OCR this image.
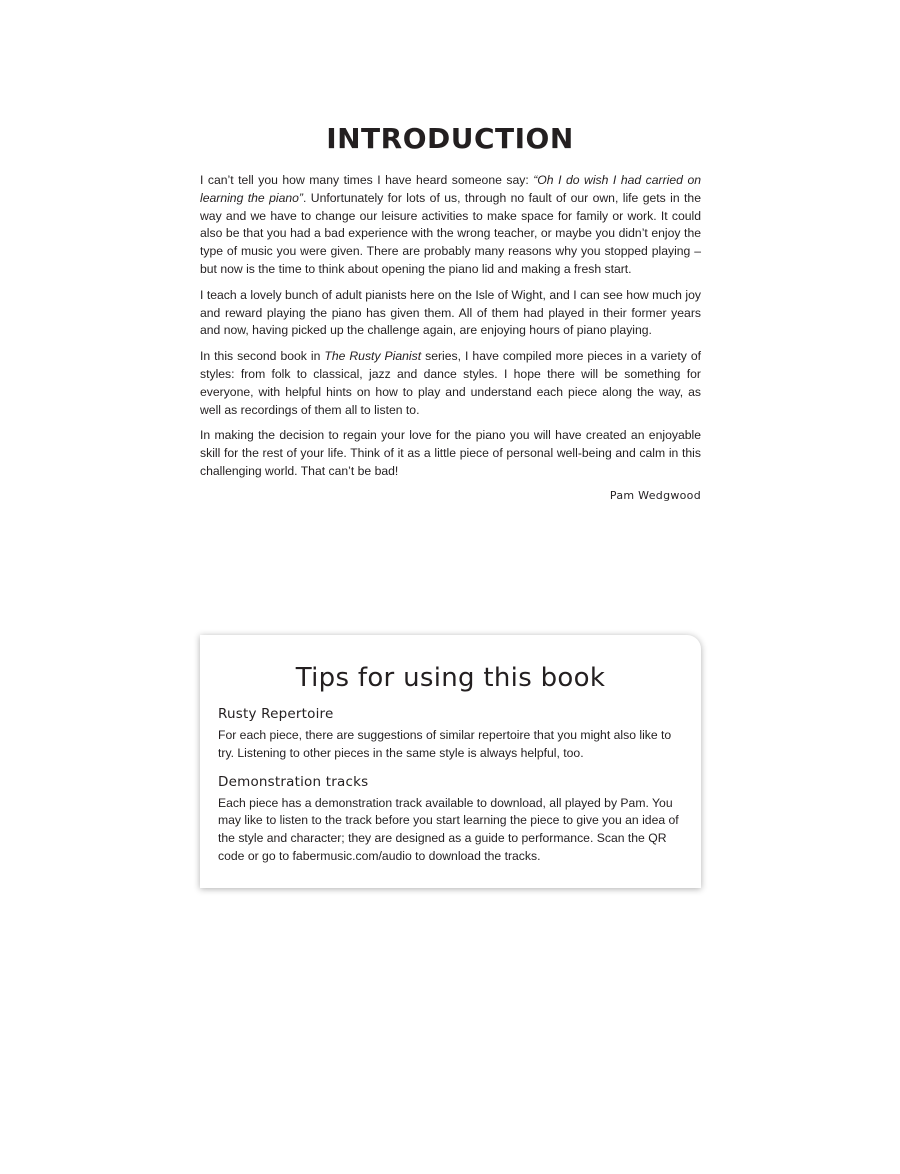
INTRODUCTION

I can’t tell you how many times I have heard someone say: “Oh I do wish I had carried on learning the piano”. Unfortunately for lots of us, through no fault of our own, life gets in the way and we have to change our leisure activities to make space for family or work. It could also be that you had a bad experience with the wrong teacher, or maybe you didn’t enjoy the type of music you were given. There are probably many reasons why you stopped playing – but now is the time to think about opening the piano lid and making a fresh start.

I teach a lovely bunch of adult pianists here on the Isle of Wight, and I can see how much joy and reward playing the piano has given them. All of them had played in their former years and now, having picked up the challenge again, are enjoying hours of piano playing.

In this second book in The Rusty Pianist series, I have compiled more pieces in a variety of styles: from folk to classical, jazz and dance styles. I hope there will be something for everyone, with helpful hints on how to play and understand each piece along the way, as well as recordings of them all to listen to.

In making the decision to regain your love for the piano you will have created an enjoyable skill for the rest of your life. Think of it as a little piece of personal well-being and calm in this challenging world. That can’t be bad!

Pam Wedgwood
Tips for using this book
Rusty Repertoire

For each piece, there are suggestions of similar repertoire that you might also like to try. Listening to other pieces in the same style is always helpful, too.

Demonstration tracks

Each piece has a demonstration track available to download, all played by Pam. You may like to listen to the track before you start learning the piece to give you an idea of the style and character; they are designed as a guide to performance. Scan the QR code or go to fabermusic.com/audio to download the tracks.
